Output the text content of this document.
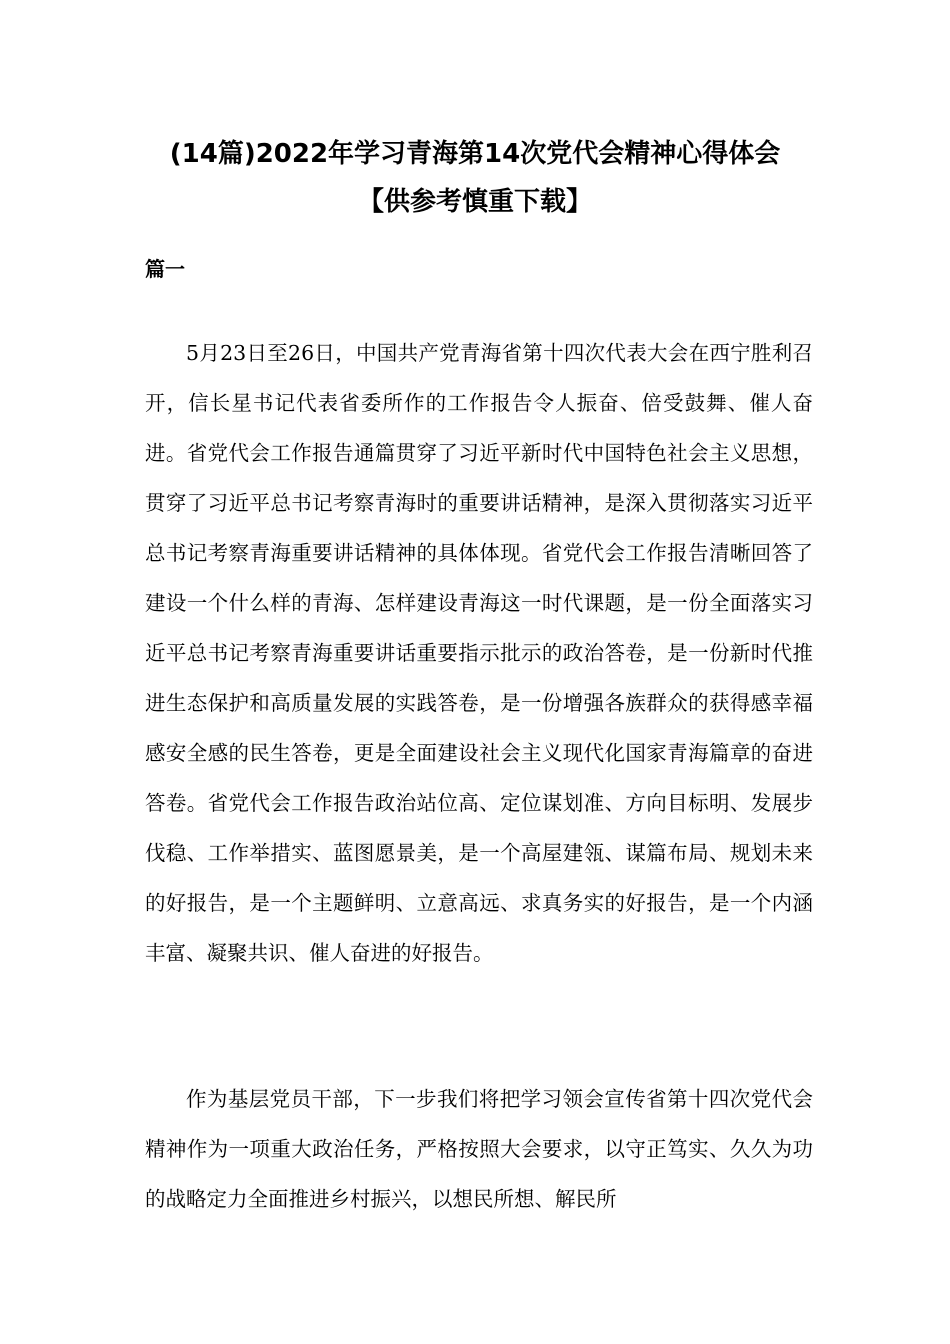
(14篇)2022年学习青海第14次党代会精神心得体会
【供参考慎重下载】
篇一

5月23日至26日，中国共产党青海省第十四次代表大会在西宁胜利召开，信长星书记代表省委所作的工作报告令人振奋、倍受鼓舞、催人奋进。省党代会工作报告通篇贯穿了习近平新时代中国特色社会主义思想，贯穿了习近平总书记考察青海时的重要讲话精神，是深入贯彻落实习近平总书记考察青海重要讲话精神的具体体现。省党代会工作报告清晰回答了建设一个什么样的青海、怎样建设青海这一时代课题，是一份全面落实习近平总书记考察青海重要讲话重要指示批示的政治答卷，是一份新时代推进生态保护和高质量发展的实践答卷，是一份增强各族群众的获得感幸福感安全感的民生答卷，更是全面建设社会主义现代化国家青海篇章的奋进答卷。省党代会工作报告政治站位高、定位谋划准、方向目标明、发展步伐稳、工作举措实、蓝图愿景美，是一个高屋建瓴、谋篇布局、规划未来的好报告，是一个主题鲜明、立意高远、求真务实的好报告，是一个内涵丰富、凝聚共识、催人奋进的好报告。

作为基层党员干部，下一步我们将把学习领会宣传省第十四次党代会精神作为一项重大政治任务，严格按照大会要求，以守正笃实、久久为功的战略定力全面推进乡村振兴，以想民所想、解民所
